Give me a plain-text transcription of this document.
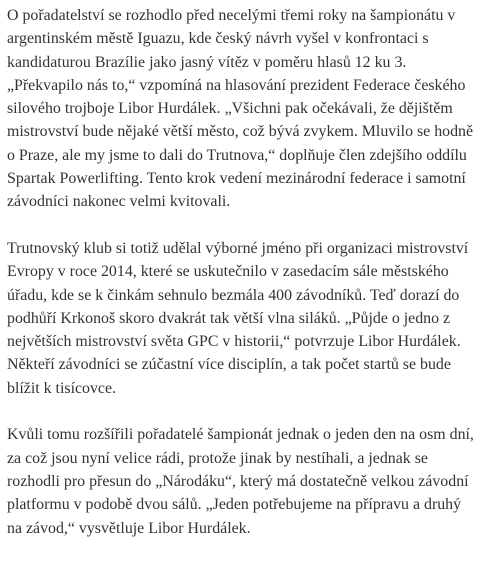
O pořadatelství se rozhodlo před necelými třemi roky na šampionátu v argentinském městě Iguazu, kde český návrh vyšel v konfrontaci s kandidaturou Brazílie jako jasný vítěz v poměru hlasů 12 ku 3. „Překvapilo nás to,“ vzpomíná na hlasování prezident Federace českého silového trojboje Libor Hurdálek. „Všichni pak očekávali, že dějištěm mistrovství bude nějaké větší město, což bývá zvykem. Mluvilo se hodně o Praze, ale my jsme to dali do Trutnova,“ doplňuje člen zdejšího oddílu Spartak Powerlifting. Tento krok vedení mezinárodní federace i samotní závodníci nakonec velmi kvitovali.

Trutnovský klub si totiž udělal výborné jméno při organizaci mistrovství Evropy v roce 2014, které se uskutečnilo v zasedacím sále městského úřadu, kde se k činkám sehnulo bezmála 400 závodníků. Teď dorazí do podhůří Krkonoš skoro dvakrát tak větší vlna siláků. „Půjde o jedno z největších mistrovství světa GPC v historii,“ potvrzuje Libor Hurdálek. Někteří závodníci se zúčastní více disciplín, a tak počet startů se bude blížit k tisícovce.

Kvůli tomu rozšířili pořadatelé šampionát jednak o jeden den na osm dní, za což jsou nyní velice rádi, protože jinak by nestíhali, a jednak se rozhodli pro přesun do „Národáku“, který má dostatečně velkou závodní platformu v podobě dvou sálů. „Jeden potřebujeme na přípravu a druhý na závod,“ vysvětluje Libor Hurdálek.
